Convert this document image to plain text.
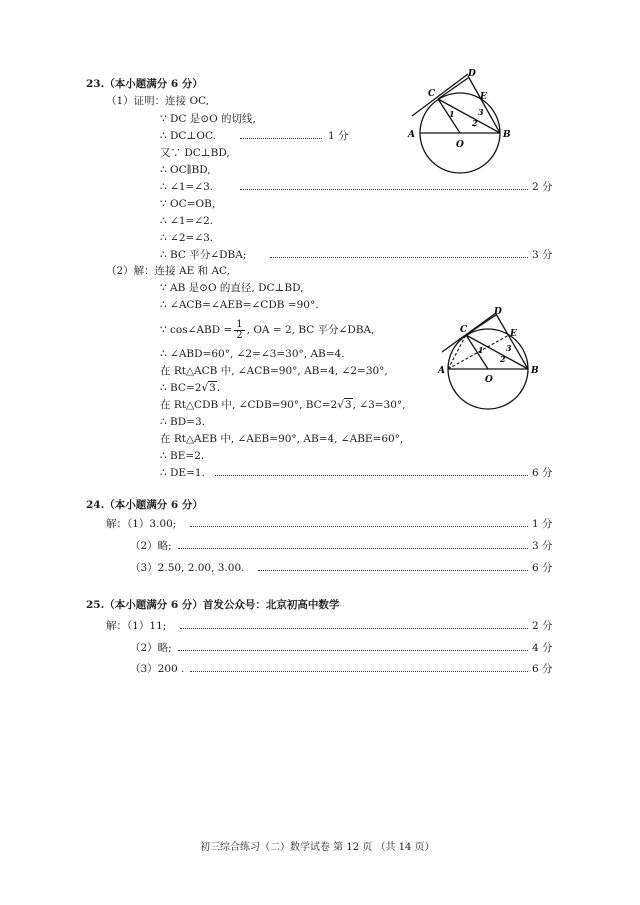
23.（本小题满分 6 分）
（1）证明：连接 OC,
∵ DC 是⊙O 的切线,
∴ DC⊥OC.	1 分
又∵ DC⊥BD,
∴ OC∥BD,
∴ ∠1=∠3.	2 分
∵ OC=OB,
∴ ∠1=∠2.
∴ ∠2=∠3.
∴ BC 平分∠DBA;	3 分
（2）解：连接 AE 和 AC,
∵ AB 是⊙O 的直径, DC⊥BD,
∴ ∠ACB=∠AEB=∠CDB =90°.
∵ cos∠ABD = $\frac{1}{2}$ , OA = 2, BC 平分∠DBA,
∴ ∠ABD=60°, ∠2=∠3=30°, AB=4.
在 Rt△ACB 中, ∠ACB=90°, AB=4, ∠2=30°,
∴ BC=2 √ 3 .
在 Rt△CDB 中, ∠CDB=90°, BC=2 √ 3 , ∠3=30°,
∴ BD=3.
在 Rt△AEB 中, ∠AEB=90°, AB=4, ∠ABE=60°,
∴ BE=2.
∴ DE=1.	6 分
A	B
C
D
E
O
1
2
3
A	B
C
D
E
O
1
2
3
24.（本小题满分 6 分）
解：（1）3.00;	1 分
（2）略;	3 分
（3）2.50, 2.00, 3.00.	6 分
25.（本小题满分 6 分）首发公众号：北京初高中数学
解：（1）11;	2 分
（2）略;	4 分
（3）200 .	6 分
初三综合练习（二）数学试卷 第 12 页 （共 14 页）
